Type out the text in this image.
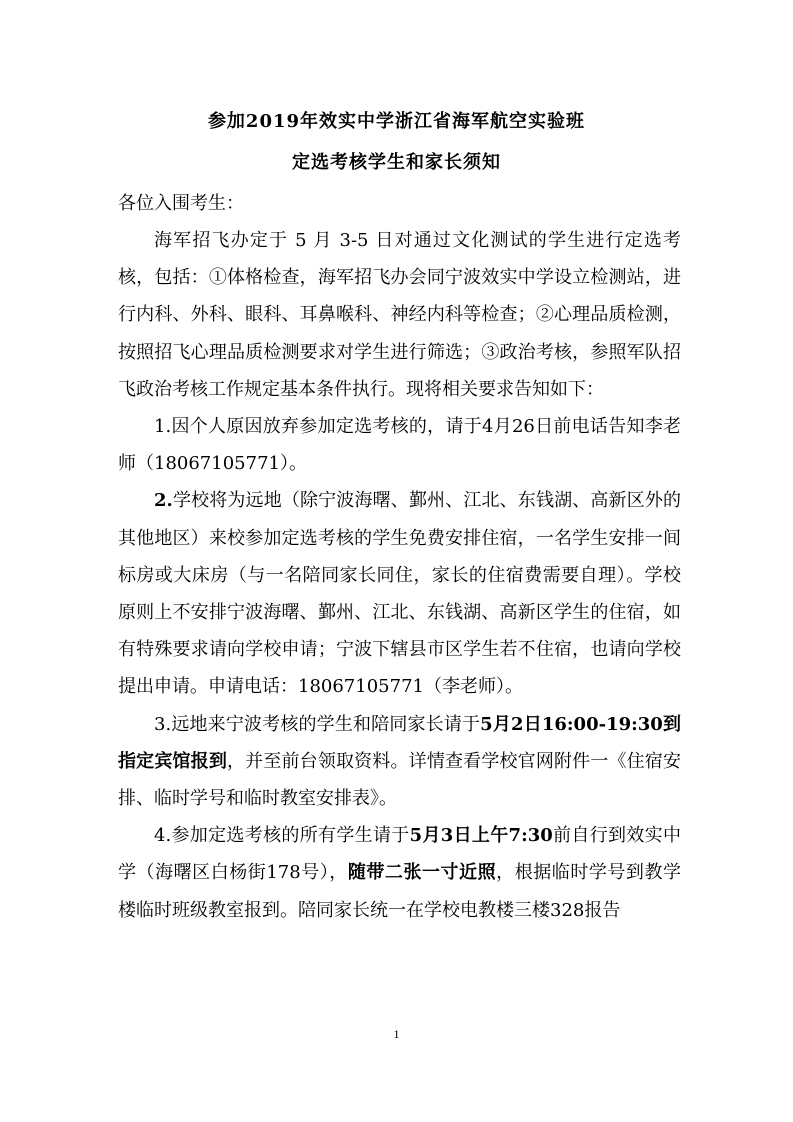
参加2019年效实中学浙江省海军航空实验班
定选考核学生和家长须知

各位入围考生：

海军招飞办定于 5 月 3-5 日对通过文化测试的学生进行定选考核，包括：①体格检查，海军招飞办会同宁波效实中学设立检测站，进行内科、外科、眼科、耳鼻喉科、神经内科等检查；②心理品质检测，按照招飞心理品质检测要求对学生进行筛选；③政治考核，参照军队招飞政治考核工作规定基本条件执行。现将相关要求告知如下：

1.因个人原因放弃参加定选考核的，请于4月26日前电话告知李老师（18067105771）。

2.学校将为远地（除宁波海曙、鄞州、江北、东钱湖、高新区外的其他地区）来校参加定选考核的学生免费安排住宿，一名学生安排一间标房或大床房（与一名陪同家长同住，家长的住宿费需要自理）。学校原则上不安排宁波海曙、鄞州、江北、东钱湖、高新区学生的住宿，如有特殊要求请向学校申请；宁波下辖县市区学生若不住宿，也请向学校提出申请。申请电话：18067105771（李老师）。

3.远地来宁波考核的学生和陪同家长请于5月2日16:00-19:30到指定宾馆报到，并至前台领取资料。详情查看学校官网附件一《住宿安排、临时学号和临时教室安排表》。

4.参加定选考核的所有学生请于5月3日上午7:30前自行到效实中学（海曙区白杨街178号），随带二张一寸近照，根据临时学号到教学楼临时班级教室报到。陪同家长统一在学校电教楼三楼328报告

1
